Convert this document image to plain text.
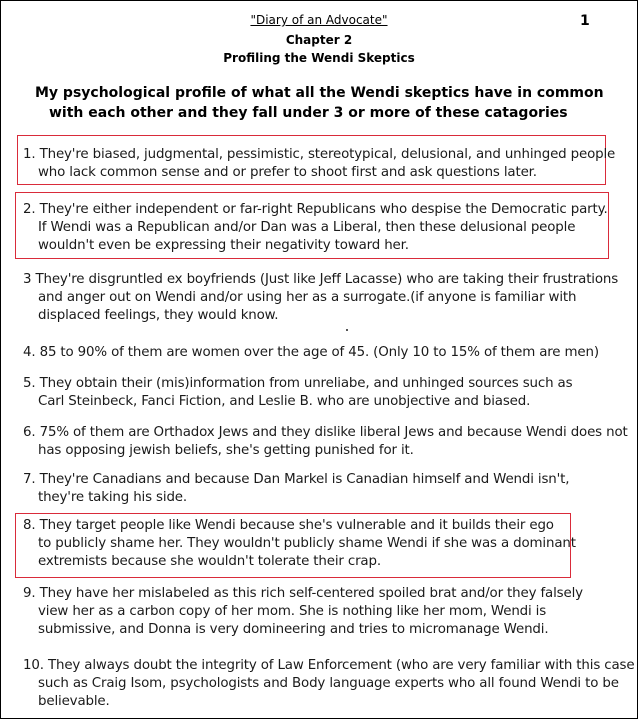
"Diary of an Advocate"	1
Chapter 2
Profiling the Wendi Skeptics
My psychological profile of what all the Wendi skeptics have in common
with each other and they fall under 3 or more of these catagories
1. They're biased, judgmental, pessimistic, stereotypical, delusional, and unhinged people
who lack common sense and or prefer to shoot first and ask questions later.
2. They're either independent or far-right Republicans who despise the Democratic party.
If Wendi was a Republican and/or Dan was a Liberal, then these delusional people
wouldn't even be expressing their negativity toward her.
3 They're disgruntled ex boyfriends (Just like Jeff Lacasse) who are taking their frustrations
and anger out on Wendi and/or using her as a surrogate.(if anyone is familiar with
displaced feelings, they would know.
4. 85 to 90% of them are women over the age of 45. (Only 10 to 15% of them are men)
5. They obtain their (mis)information from unreliabe, and unhinged sources such as
Carl Steinbeck, Fanci Fiction, and Leslie B. who are unobjective and biased.
6. 75% of them are Orthadox Jews and they dislike liberal Jews and because Wendi does not
has opposing jewish beliefs, she's getting punished for it.
7. They're Canadians and because Dan Markel is Canadian himself and Wendi isn't,
they're taking his side.
8. They target people like Wendi because she's vulnerable and it builds their ego
to publicly shame her. They wouldn't publicly shame Wendi if she was a dominant
extremists because she wouldn't tolerate their crap.
9. They have her mislabeled as this rich self-centered spoiled brat and/or they falsely
view her as a carbon copy of her mom. She is nothing like her mom, Wendi is
submissive, and Donna is very domineering and tries to micromanage Wendi.
10. They always doubt the integrity of Law Enforcement (who are very familiar with this case
such as Craig Isom, psychologists and Body language experts who all found Wendi to be
believable.
